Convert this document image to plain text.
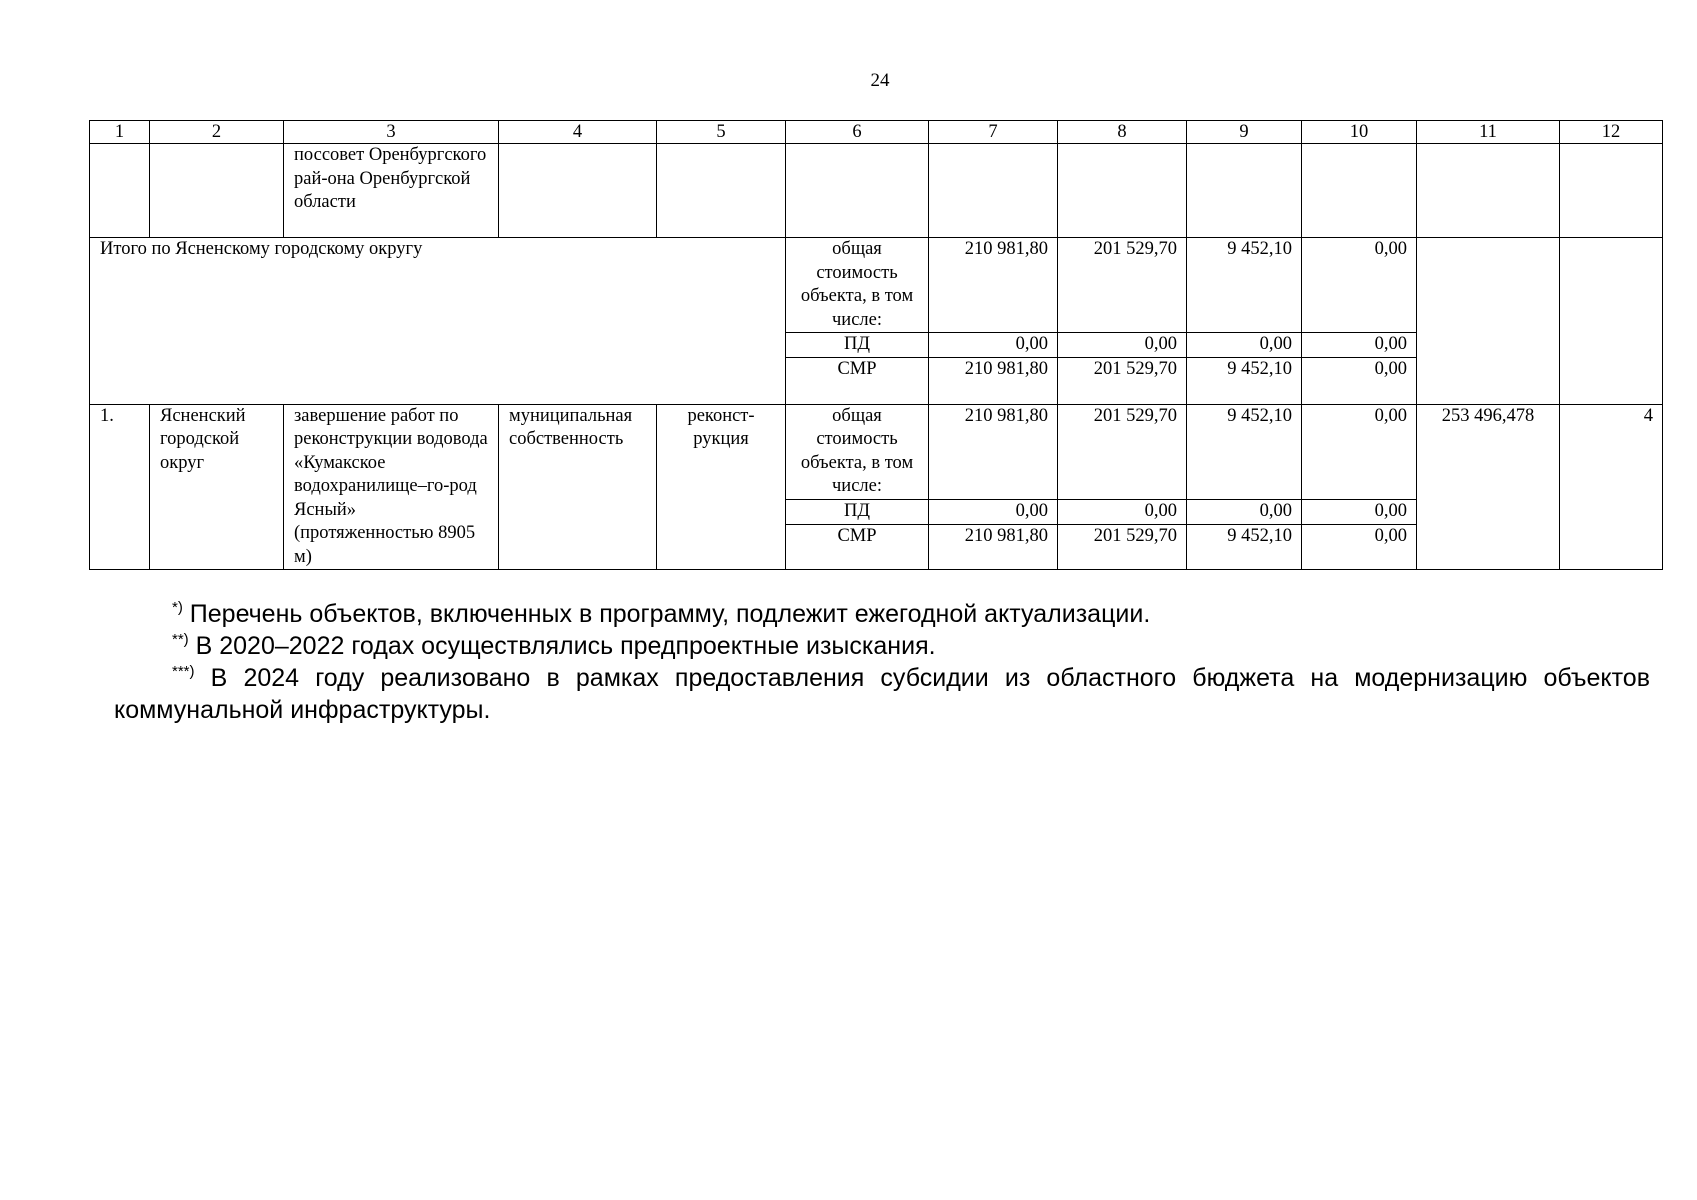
24
1	2	3	4	5	6	7	8	9	10	11	12
		поссовет Оренбургского рай-она Оренбургской области									
Итого по Ясненскому городскому округу					общая стоимость объекта, в том числе:	210 981,80	201 529,70	9 452,10	0,00		
					ПД	0,00	0,00	0,00	0,00		
					СМР	210 981,80	201 529,70	9 452,10	0,00		
1.	Ясненский городской округ	завершение работ по реконструкции водовода «Кумакское водохранилище–го-род Ясный» (протяженностью 8905 м)	муниципальная собственность	реконст-рукция	общая стоимость объекта, в том числе:	210 981,80	201 529,70	9 452,10	0,00	253 496,478	4
					ПД	0,00	0,00	0,00	0,00		
					СМР	210 981,80	201 529,70	9 452,10	0,00		

*) Перечень объектов, включенных в программу, подлежит ежегодной актуализации.

**) В 2020–2022 годах осуществлялись предпроектные изыскания.

***) В 2024 году реализовано в рамках предоставления субсидии из областного бюджета на модернизацию объектов коммунальной инфраструктуры.
